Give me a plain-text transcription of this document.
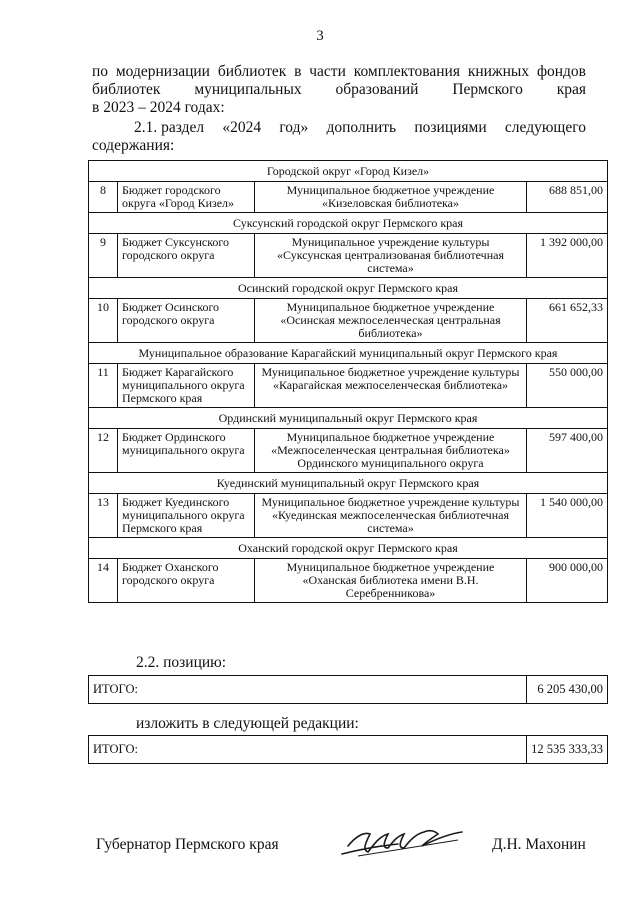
3
по модернизации библиотек в части комплектования книжных фондов
библиотек муниципальных образований Пермского края
в 2023 – 2024 годах:
2.1. раздел «2024 год» дополнить позициями следующего
содержания:
Городской округ «Город Кизел»			
8	Бюджет городского округа «Город Кизел»	Муниципальное бюджетное учреждение «Кизеловская библиотека»	688 851,00
Суксунский городской округ Пермского края			
9	Бюджет Суксунского городского округа	Муниципальное учреждение культуры «Суксунская централизованая библиотечная система»	1 392 000,00
Осинский городской округ Пермского края			
10	Бюджет Осинского городского округа	Муниципальное бюджетное учреждение «Осинская межпоселенческая центральная библиотека»	661 652,33
Муниципальное образование Карагайский муниципальный округ Пермского края			
11	Бюджет Карагайского муниципального округа Пермского края	Муниципальное бюджетное учреждение культуры «Карагайская межпоселенческая библиотека»	550 000,00
Ординский муниципальный округ Пермского края			
12	Бюджет Ординского муниципального округа	Муниципальное бюджетное учреждение «Межпоселенческая центральная библиотека» Ординского муниципального округа	597 400,00
Куединский муниципальный округ Пермского края			
13	Бюджет Куединского муниципального округа Пермского края	Муниципальное бюджетное учреждение культуры «Куединская межпоселенческая библиотечная система»	1 540 000,00
Оханский городской округ Пермского края			
14	Бюджет Оханского городского округа	Муниципальное бюджетное учреждение «Оханская библиотека имени В.Н. Серебренникова»	900 000,00
2.2. позицию:
ИТОГО:	6 205 430,00
изложить в следующей редакции:
ИТОГО:	12 535 333,33
Губернатор Пермского края	Д.Н. Махонин
